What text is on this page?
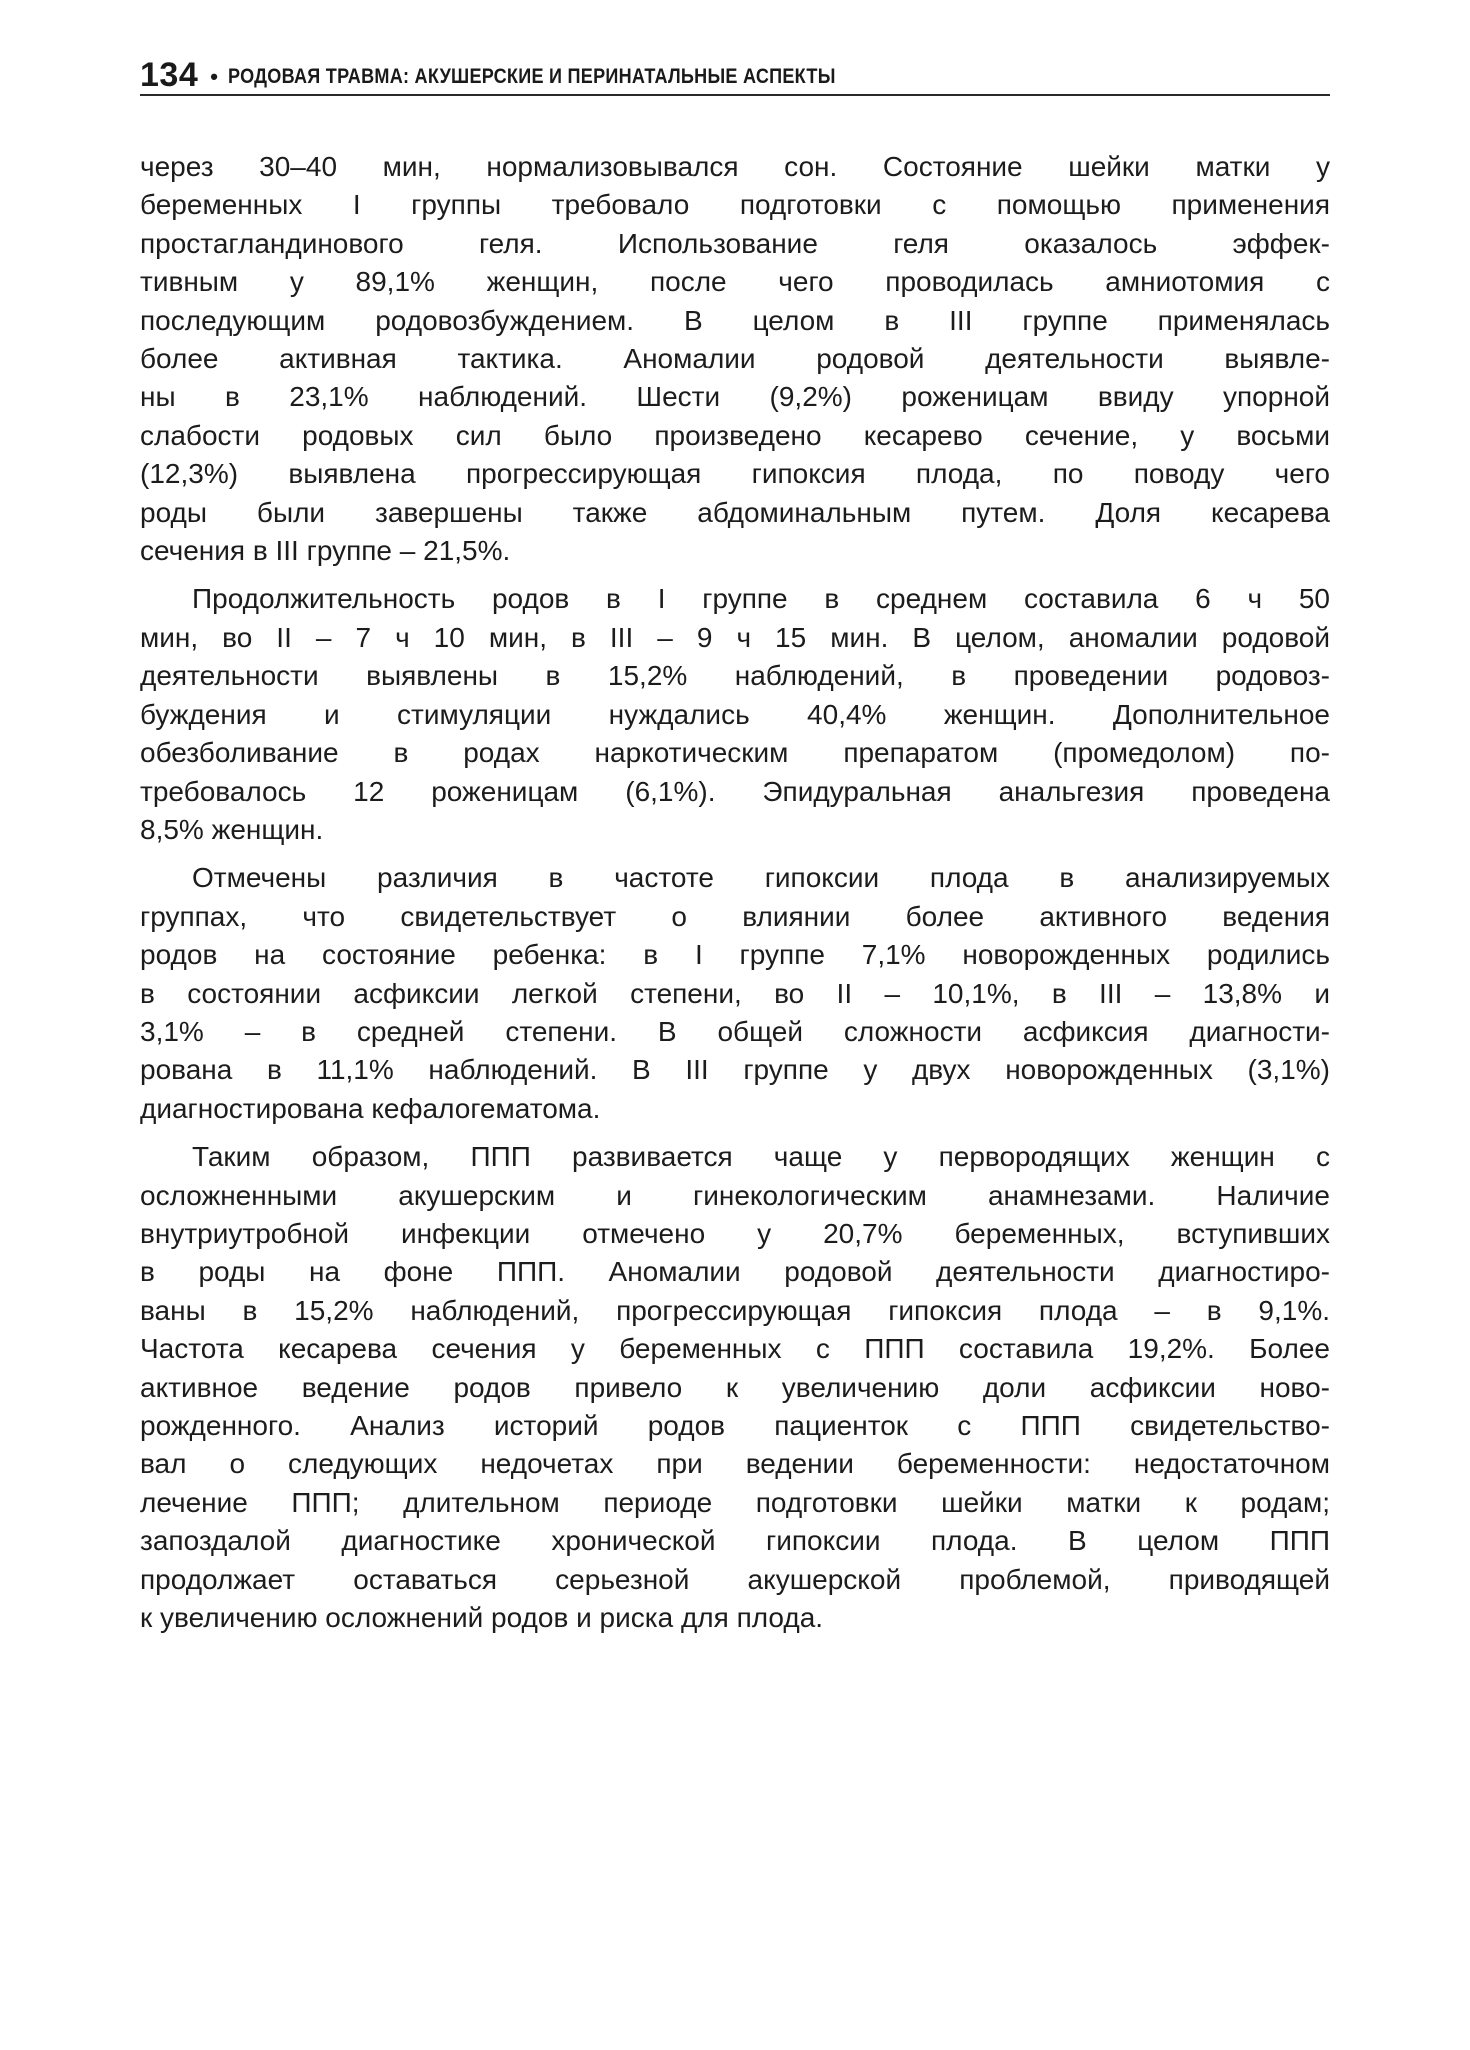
134 • РОДОВАЯ ТРАВМА: АКУШЕРСКИЕ И ПЕРИНАТАЛЬНЫЕ АСПЕКТЫ

через 30–40 мин, нормализовывался сон. Состояние шейки матки у
беременных I группы требовало подготовки с помощью применения
простагландинового геля. Использование геля оказалось эффек-
тивным у 89,1% женщин, после чего проводилась амниотомия с
последующим родовозбуждением. В целом в III группе применялась
более активная тактика. Аномалии родовой деятельности выявле-
ны в 23,1% наблюдений. Шести (9,2%) роженицам ввиду упорной
слабости родовых сил было произведено кесарево сечение, у восьми
(12,3%) выявлена прогрессирующая гипоксия плода, по поводу чего
роды были завершены также абдоминальным путем. Доля кесарева
сечения в III группе – 21,5%.

Продолжительность родов в I группе в среднем составила 6 ч 50
мин, во II – 7 ч 10 мин, в III – 9 ч 15 мин. В целом, аномалии родовой
деятельности выявлены в 15,2% наблюдений, в проведении родовоз-
буждения и стимуляции нуждались 40,4% женщин. Дополнительное
обезболивание в родах наркотическим препаратом (промедолом) по-
требовалось 12 роженицам (6,1%). Эпидуральная анальгезия проведена
8,5% женщин.

Отмечены различия в частоте гипоксии плода в анализируемых
группах, что свидетельствует о влиянии более активного ведения
родов на состояние ребенка: в I группе 7,1% новорожденных родились
в состоянии асфиксии легкой степени, во II – 10,1%, в III – 13,8% и
3,1% – в средней степени. В общей сложности асфиксия диагности-
рована в 11,1% наблюдений. В III группе у двух новорожденных (3,1%)
диагностирована кефалогематома.

Таким образом, ППП развивается чаще у первородящих женщин с
осложненными акушерским и гинекологическим анамнезами. Наличие
внутриутробной инфекции отмечено у 20,7% беременных, вступивших
в роды на фоне ППП. Аномалии родовой деятельности диагностиро-
ваны в 15,2% наблюдений, прогрессирующая гипоксия плода – в 9,1%.
Частота кесарева сечения у беременных с ППП составила 19,2%. Более
активное ведение родов привело к увеличению доли асфиксии ново-
рожденного. Анализ историй родов пациенток с ППП свидетельство-
вал о следующих недочетах при ведении беременности: недостаточном
лечение ППП; длительном периоде подготовки шейки матки к родам;
запоздалой диагностике хронической гипоксии плода. В целом ППП
продолжает оставаться серьезной акушерской проблемой, приводящей
к увеличению осложнений родов и риска для плода.
